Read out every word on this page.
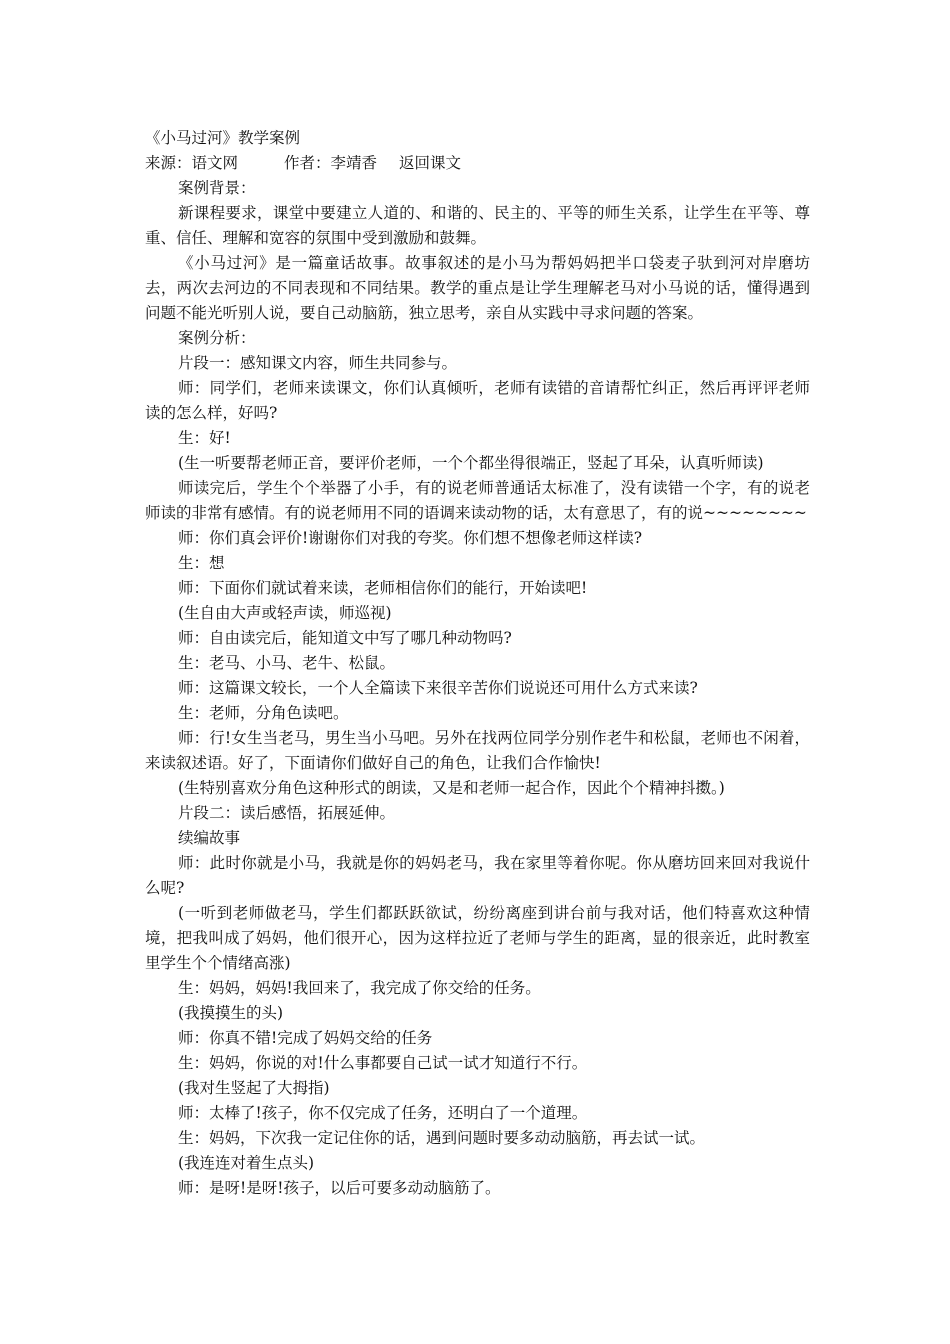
《小马过河》教学案例

来源：语文网	作者：李靖香 返回课文

案例背景：

新课程要求，课堂中要建立人道的、和谐的、民主的、平等的师生关系，让学生在平等、尊重、信任、理解和宽容的氛围中受到激励和鼓舞。

《小马过河》是一篇童话故事。故事叙述的是小马为帮妈妈把半口袋麦子驮到河对岸磨坊去，两次去河边的不同表现和不同结果。教学的重点是让学生理解老马对小马说的话，懂得遇到问题不能光听别人说，要自己动脑筋，独立思考，亲自从实践中寻求问题的答案。

案例分析：

片段一：感知课文内容，师生共同参与。

师：同学们，老师来读课文，你们认真倾听，老师有读错的音请帮忙纠正，然后再评评老师读的怎么样，好吗?

生：好!

(生一听要帮老师正音，要评价老师，一个个都坐得很端正，竖起了耳朵，认真听师读)

师读完后，学生个个举器了小手，有的说老师普通话太标准了，没有读错一个字，有的说老师读的非常有感情。有的说老师用不同的语调来读动物的话，太有意思了，有的说~~~~~~~~

师：你们真会评价!谢谢你们对我的夸奖。你们想不想像老师这样读?

生：想

师：下面你们就试着来读，老师相信你们的能行，开始读吧!

(生自由大声或轻声读，师巡视)

师：自由读完后，能知道文中写了哪几种动物吗?

生：老马、小马、老牛、松鼠。

师：这篇课文较长，一个人全篇读下来很辛苦你们说说还可用什么方式来读?

生：老师，分角色读吧。

师：行!女生当老马，男生当小马吧。另外在找两位同学分别作老牛和松鼠，老师也不闲着，来读叙述语。好了，下面请你们做好自己的角色，让我们合作愉快!

(生特别喜欢分角色这种形式的朗读，又是和老师一起合作，因此个个精神抖擞。)

片段二：读后感悟，拓展延伸。

续编故事

师：此时你就是小马，我就是你的妈妈老马，我在家里等着你呢。你从磨坊回来回对我说什么呢?

(一听到老师做老马，学生们都跃跃欲试，纷纷离座到讲台前与我对话，他们特喜欢这种情境，把我叫成了妈妈，他们很开心，因为这样拉近了老师与学生的距离，显的很亲近，此时教室里学生个个情绪高涨)

生：妈妈，妈妈!我回来了，我完成了你交给的任务。

(我摸摸生的头)

师：你真不错!完成了妈妈交给的任务

生：妈妈，你说的对!什么事都要自己试一试才知道行不行。

(我对生竖起了大拇指)

师：太棒了!孩子，你不仅完成了任务，还明白了一个道理。

生：妈妈，下次我一定记住你的话，遇到问题时要多动动脑筋，再去试一试。

(我连连对着生点头)

师：是呀!是呀!孩子，以后可要多动动脑筋了。
